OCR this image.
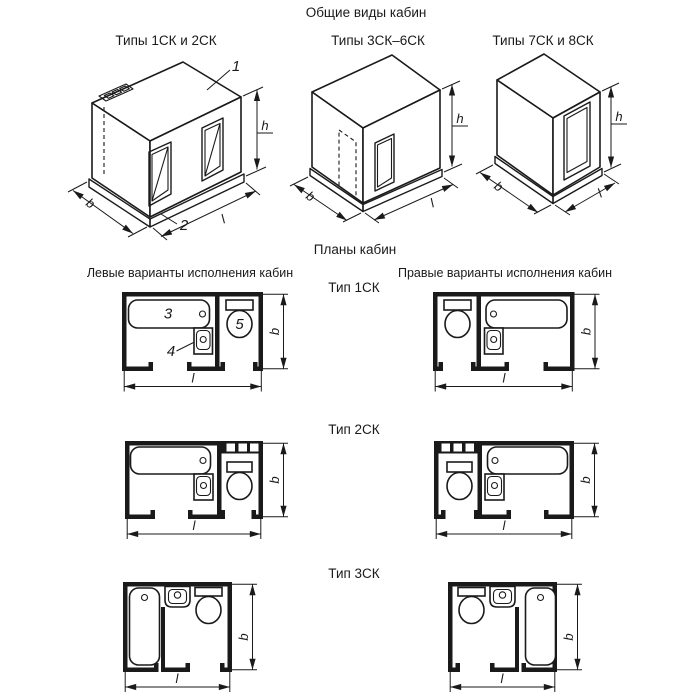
Общие виды кабин
Типы 1СК и 2СК	Типы 3СК–6СК	Типы 7СК и 8СК
1
2
b
l
h
b	l
h
b	l
h
Планы кабин
Левые варианты исполнения кабин	Правые варианты исполнения кабин
Тип 1СК
Тип 2СК
Тип 3СК
3
4
5
l
b
l
b
l
b
l
b
l
b
l
b
